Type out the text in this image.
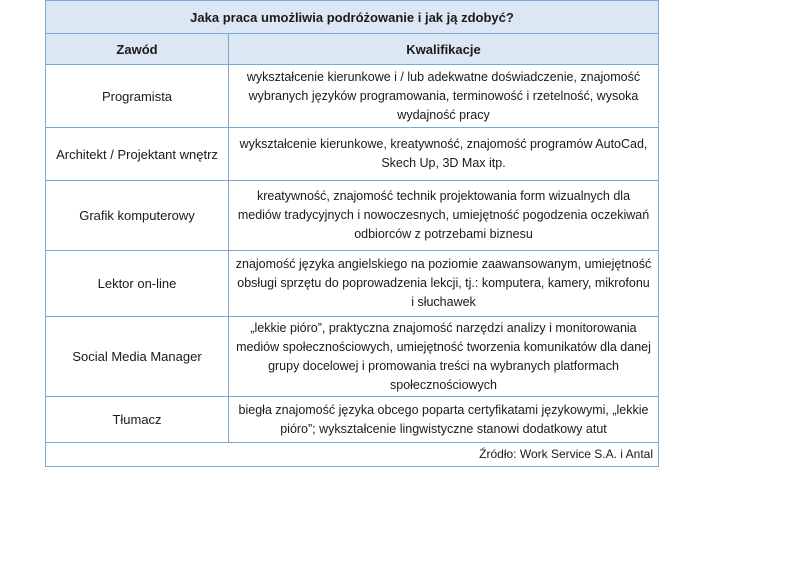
Jaka praca umożliwia podróżowanie i jak ją zdobyć?	
Zawód	Kwalifikacje
Programista	wykształcenie kierunkowe i / lub adekwatne doświadczenie, znajomość wybranych języków programowania, terminowość i rzetelność, wysoka wydajność pracy
Architekt / Projektant wnętrz	wykształcenie kierunkowe, kreatywność, znajomość programów AutoCad, Skech Up, 3D Max itp.
Grafik komputerowy	kreatywność, znajomość technik projektowania form wizualnych dla mediów tradycyjnych i nowoczesnych, umiejętność pogodzenia oczekiwań odbiorców z potrzebami biznesu
Lektor on-line	znajomość języka angielskiego na poziomie zaawansowanym, umiejętność obsługi sprzętu do poprowadzenia lekcji, tj.: komputera, kamery, mikrofonu i słuchawek
Social Media Manager	„lekkie pióro”, praktyczna znajomość narzędzi analizy i monitorowania mediów społecznościowych, umiejętność tworzenia komunikatów dla danej grupy docelowej i promowania treści na wybranych platformach społecznościowych
Tłumacz	biegła znajomość języka obcego poparta certyfikatami językowymi, „lekkie pióro”; wykształcenie lingwistyczne stanowi dodatkowy atut
Źródło: Work Service S.A. i Antal	
